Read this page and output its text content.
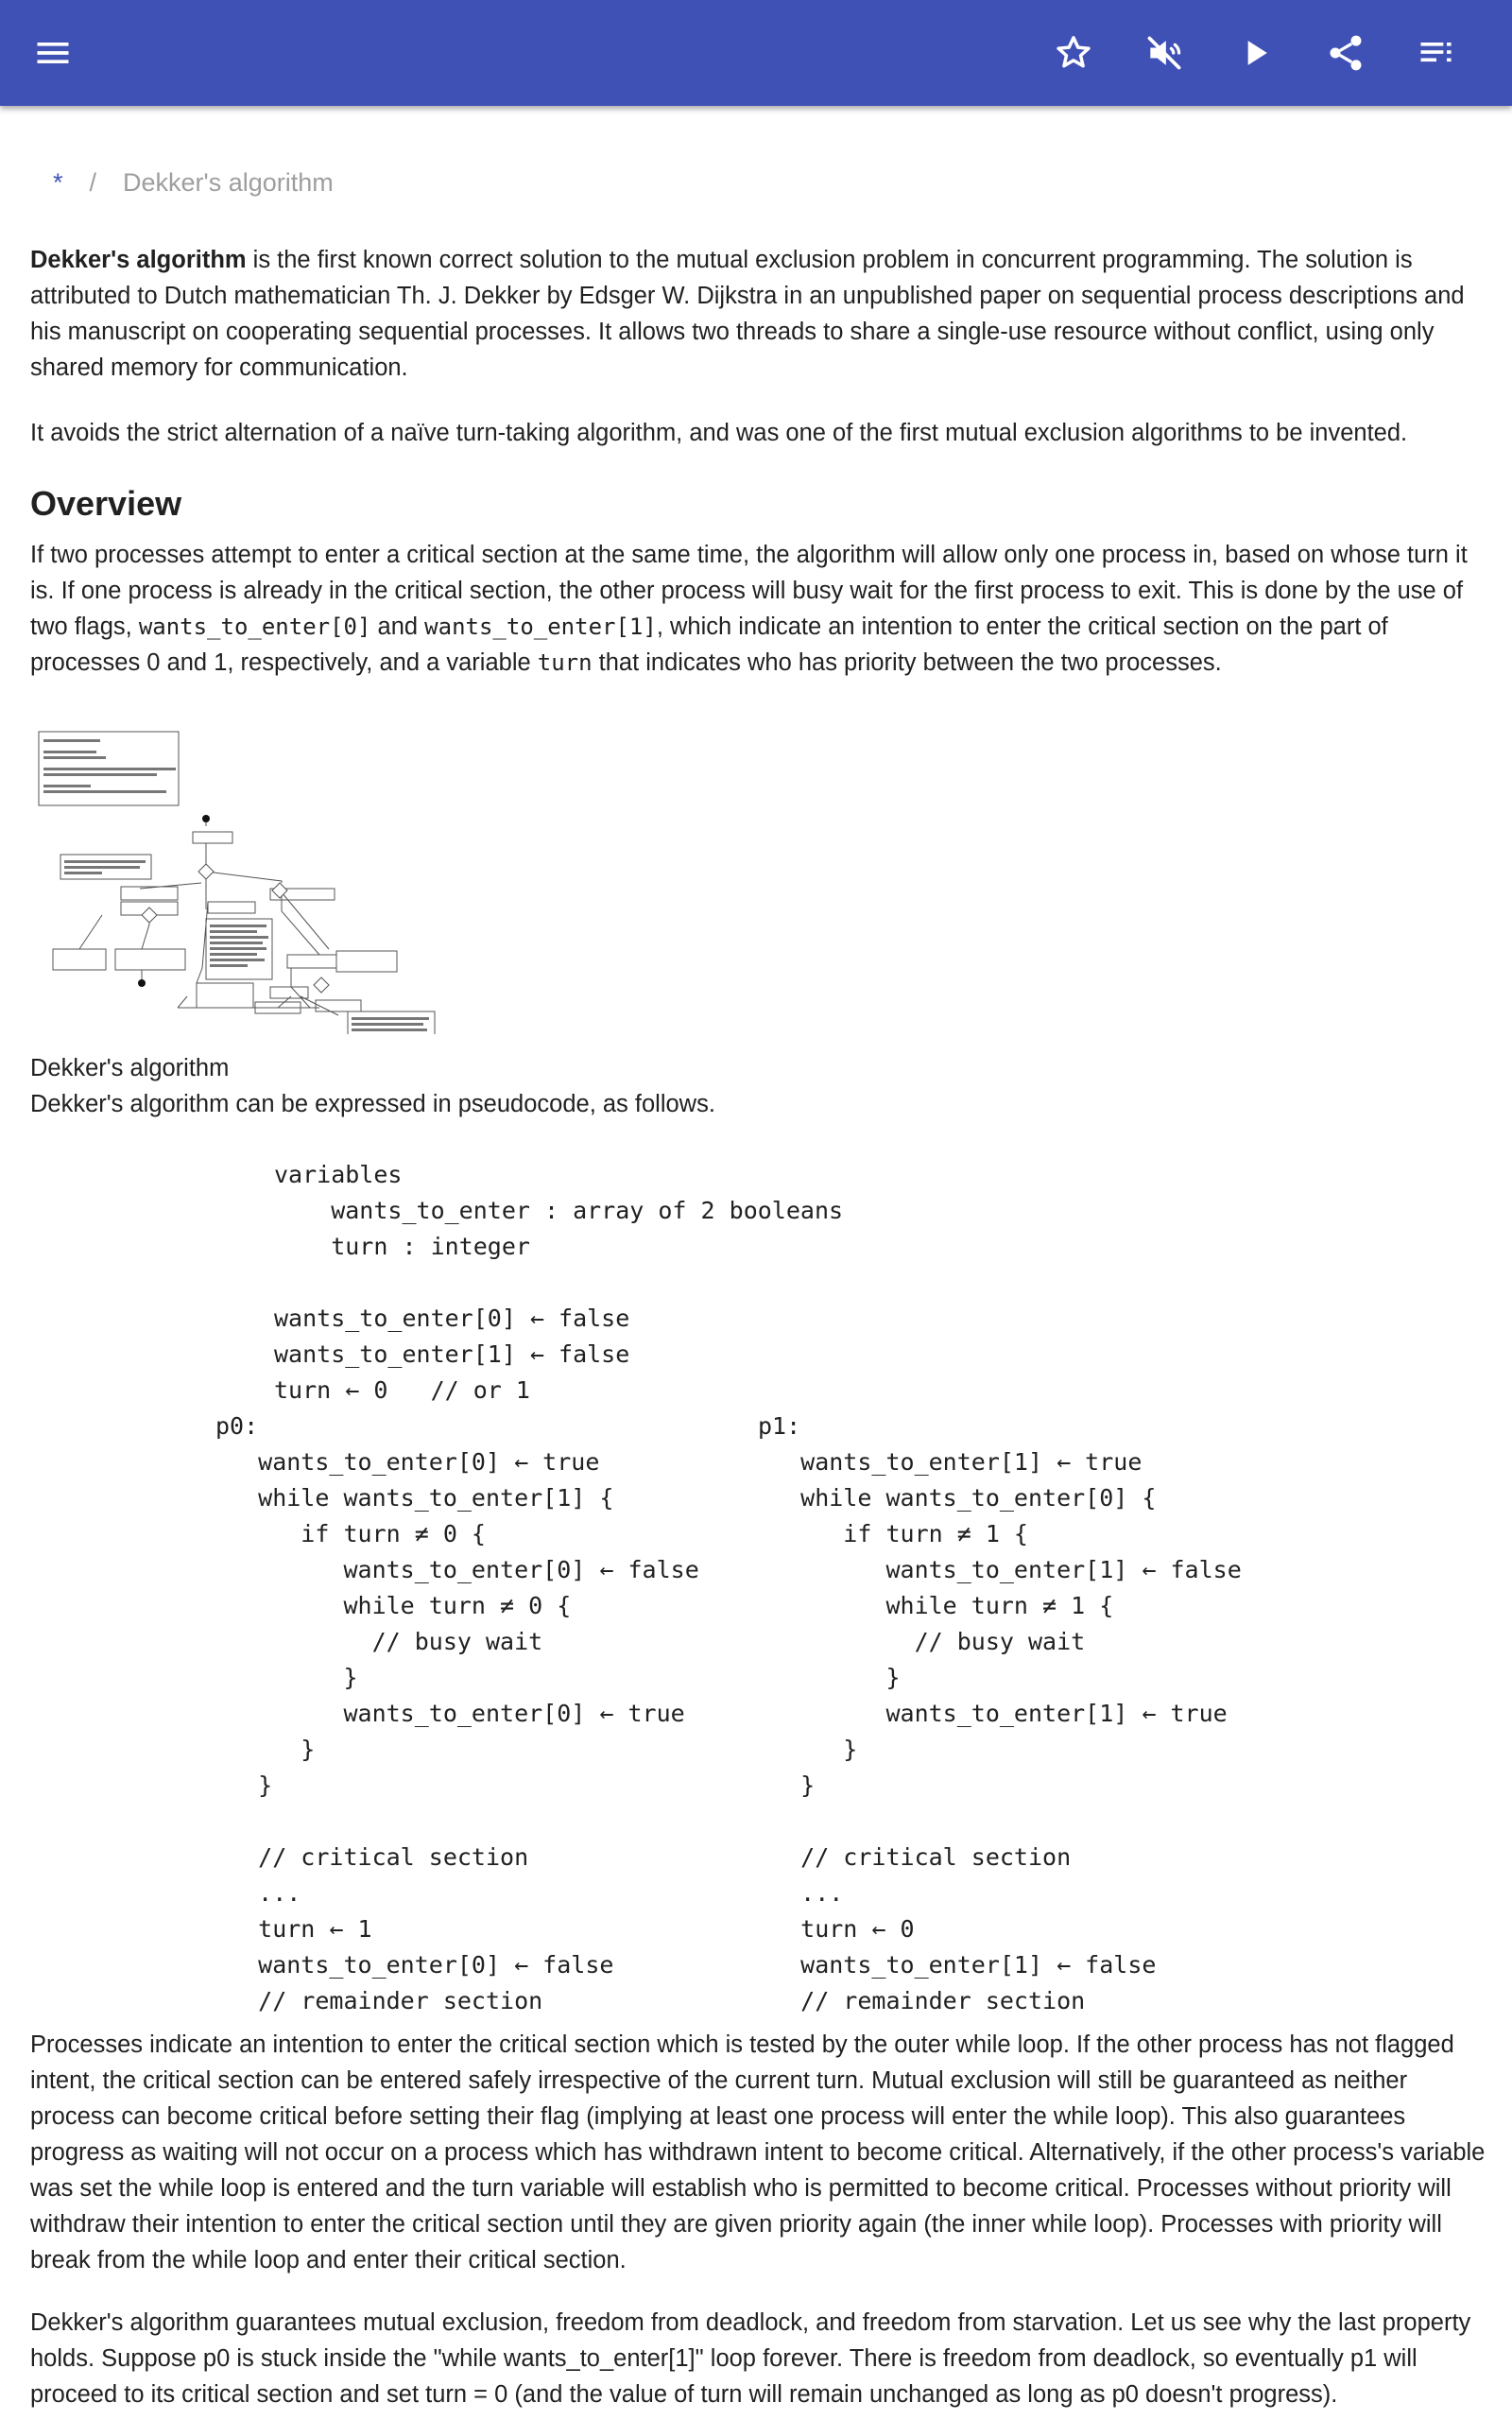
* / Dekker's algorithm

Dekker's algorithm is the first known correct solution to the mutual exclusion problem in concurrent programming. The solution is attributed to Dutch mathematician Th. J. Dekker by Edsger W. Dijkstra in an unpublished paper on sequential process descriptions and his manuscript on cooperating sequential processes. It allows two threads to share a single-use resource without conflict, using only shared memory for communication.

It avoids the strict alternation of a naïve turn-taking algorithm, and was one of the first mutual exclusion algorithms to be invented.

Overview

If two processes attempt to enter a critical section at the same time, the algorithm will allow only one process in, based on whose turn it is. If one process is already in the critical section, the other process will busy wait for the first process to exit. This is done by the use of two flags, wants_to_enter[0] and wants_to_enter[1], which indicate an intention to enter the critical section on the part of processes 0 and 1, respectively, and a variable turn that indicates who has priority between the two processes.

Dekker's algorithm

Dekker's algorithm can be expressed in pseudocode, as follows.

variables
wants_to_enter : array of 2 booleans
turn : integer

wants_to_enter[0] ← false
wants_to_enter[1] ← false
turn ← 0   // or 1
p0:
wants_to_enter[0] ← true
while wants_to_enter[1] {
if turn ≠ 0 {
wants_to_enter[0] ← false
while turn ≠ 0 {
// busy wait
}
wants_to_enter[0] ← true
}
}

// critical section
...
turn ← 1
wants_to_enter[0] ← false
// remainder section
p1:
wants_to_enter[1] ← true
while wants_to_enter[0] {
if turn ≠ 1 {
wants_to_enter[1] ← false
while turn ≠ 1 {
// busy wait
}
wants_to_enter[1] ← true
}
}

// critical section
...
turn ← 0
wants_to_enter[1] ← false
// remainder section

Processes indicate an intention to enter the critical section which is tested by the outer while loop. If the other process has not flagged intent, the critical section can be entered safely irrespective of the current turn. Mutual exclusion will still be guaranteed as neither process can become critical before setting their flag (implying at least one process will enter the while loop). This also guarantees progress as waiting will not occur on a process which has withdrawn intent to become critical. Alternatively, if the other process's variable was set the while loop is entered and the turn variable will establish who is permitted to become critical. Processes without priority will withdraw their intention to enter the critical section until they are given priority again (the inner while loop). Processes with priority will break from the while loop and enter their critical section.

Dekker's algorithm guarantees mutual exclusion, freedom from deadlock, and freedom from starvation. Let us see why the last property holds. Suppose p0 is stuck inside the "while wants_to_enter[1]" loop forever. There is freedom from deadlock, so eventually p1 will proceed to its critical section and set turn = 0 (and the value of turn will remain unchanged as long as p0 doesn't progress).
